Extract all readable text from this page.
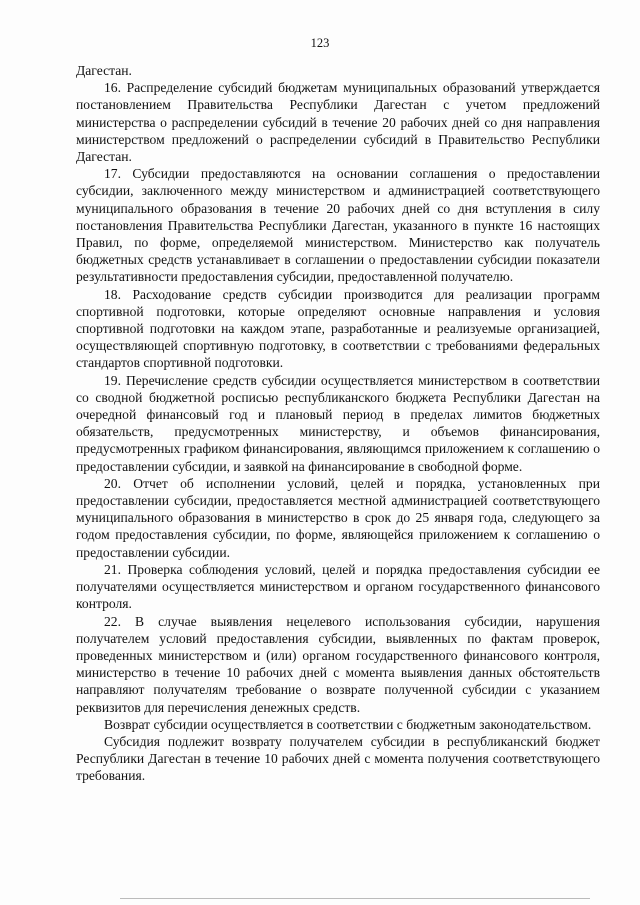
123

Дагестан.

16. Распределение субсидий бюджетам муниципальных образований утверждается постановлением Правительства Республики Дагестан с учетом предложений министерства о распределении субсидий в течение 20 рабочих дней со дня направления министерством предложений о распределении субсидий в Правительство Республики Дагестан.

17. Субсидии предоставляются на основании соглашения о предоставлении субсидии, заключенного между министерством и администрацией соответствующего муниципального образования в течение 20 рабочих дней со дня вступления в силу постановления Правительства Республики Дагестан, указанного в пункте 16 настоящих Правил, по форме, определяемой министерством. Министерство как получатель бюджетных средств устанавливает в соглашении о предоставлении субсидии показатели результативности предоставления субсидии, предоставленной получателю.

18. Расходование средств субсидии производится для реализации программ спортивной подготовки, которые определяют основные направления и условия спортивной подготовки на каждом этапе, разработанные и реализуемые организацией, осуществляющей спортивную подготовку, в соответствии с требованиями федеральных стандартов спортивной подготовки.

19. Перечисление средств субсидии осуществляется министерством в соответствии со сводной бюджетной росписью республиканского бюджета Республики Дагестан на очередной финансовый год и плановый период в пределах лимитов бюджетных обязательств, предусмотренных министерству, и объемов финансирования, предусмотренных графиком финансирования, являющимся приложением к соглашению о предоставлении субсидии, и заявкой на финансирование в свободной форме.

20. Отчет об исполнении условий, целей и порядка, установленных при предоставлении субсидии, предоставляется местной администрацией соответствующего муниципального образования в министерство в срок до 25 января года, следующего за годом предоставления субсидии, по форме, являющейся приложением к соглашению о предоставлении субсидии.

21. Проверка соблюдения условий, целей и порядка предоставления субсидии ее получателями осуществляется министерством и органом государственного финансового контроля.

22. В случае выявления нецелевого использования субсидии, нарушения получателем условий предоставления субсидии, выявленных по фактам проверок, проведенных министерством и (или) органом государственного финансового контроля, министерство в течение 10 рабочих дней с момента выявления данных обстоятельств направляют получателям требование о возврате полученной субсидии с указанием реквизитов для перечисления денежных средств.

Возврат субсидии осуществляется в соответствии с бюджетным законодательством.

Субсидия подлежит возврату получателем субсидии в республиканский бюджет Республики Дагестан в течение 10 рабочих дней с момента получения соответствующего требования.
